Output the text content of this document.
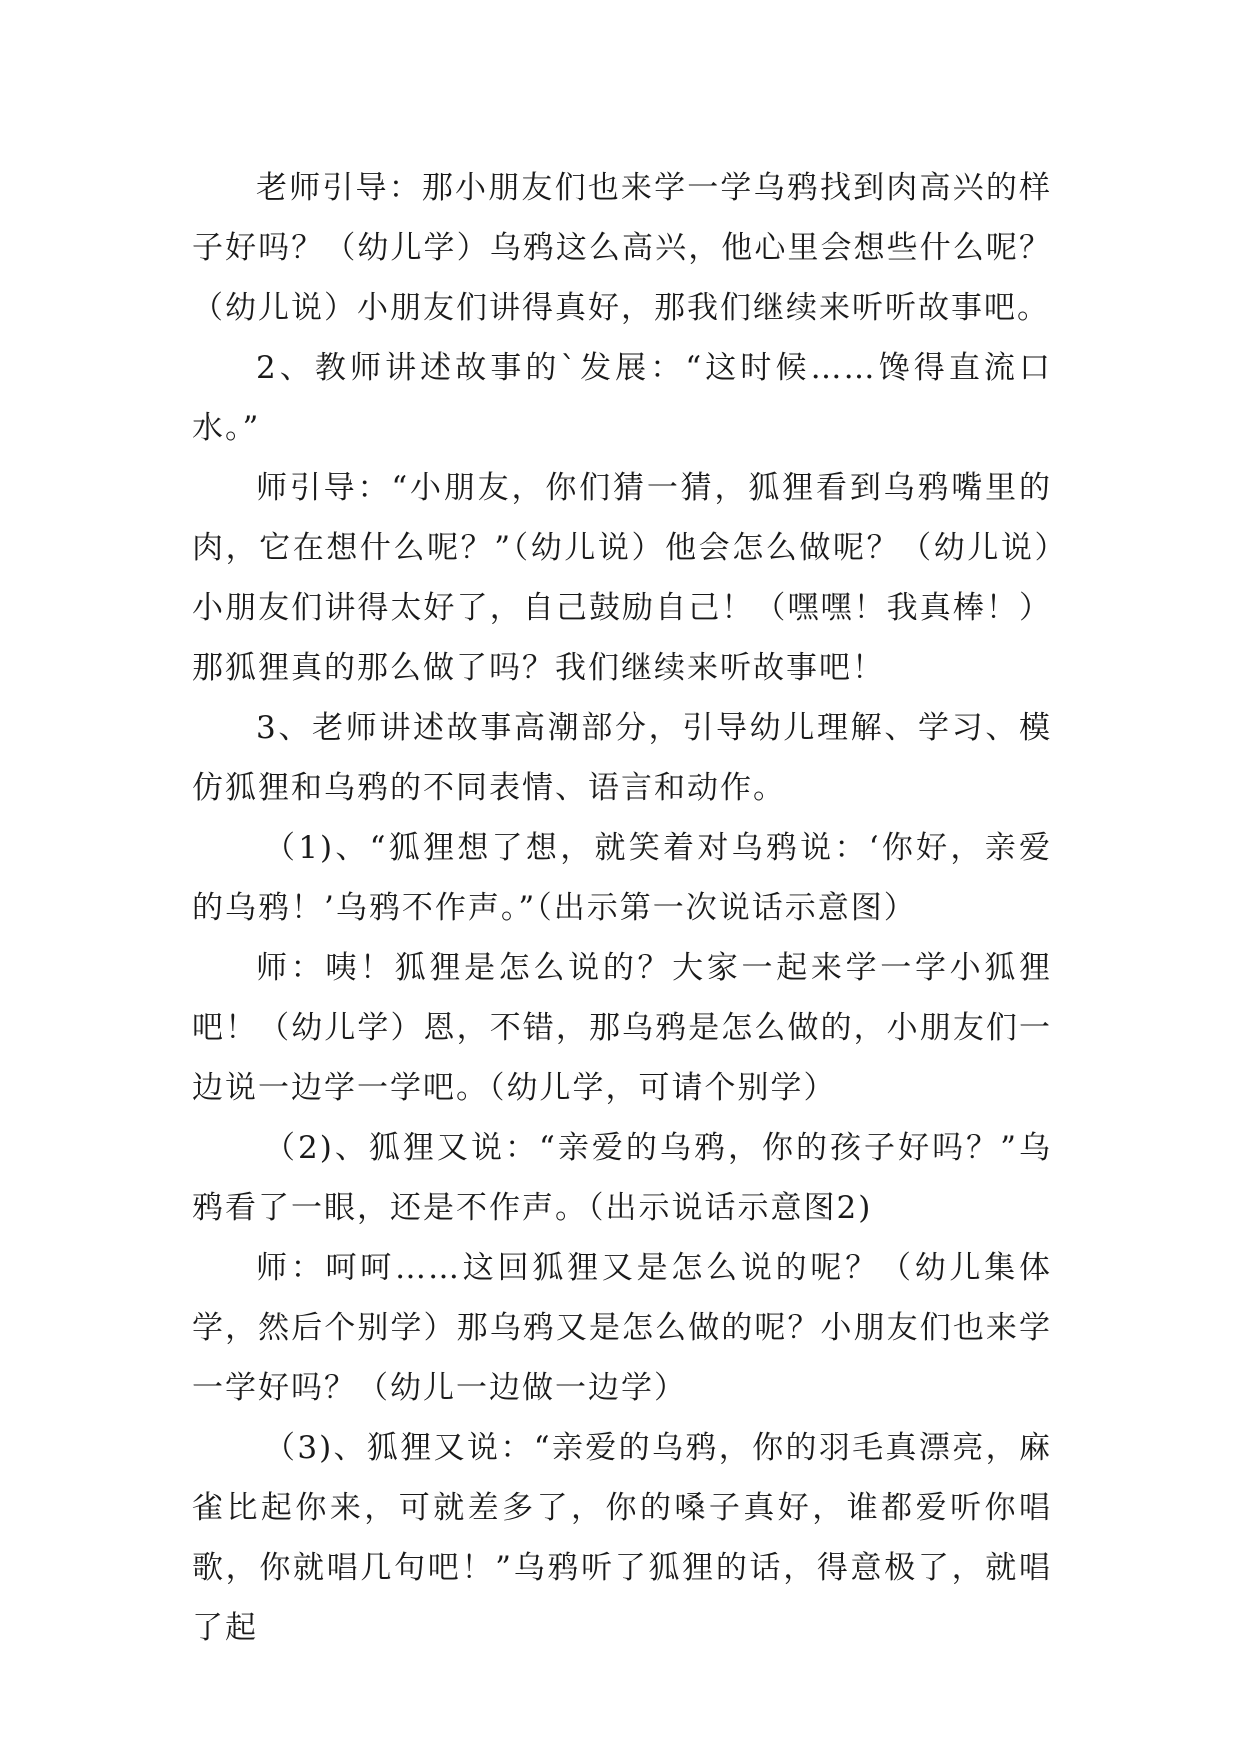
老师引导：那小朋友们也来学一学乌鸦找到肉高兴的样子好吗？（幼儿学）乌鸦这么高兴，他心里会想些什么呢？（幼儿说）小朋友们讲得真好，那我们继续来听听故事吧。

2、教师讲述故事的`发展：“这时候……馋得直流口水。”

师引导：“小朋友，你们猜一猜，狐狸看到乌鸦嘴里的肉，它在想什么呢？”（幼儿说）他会怎么做呢？（幼儿说）小朋友们讲得太好了，自己鼓励自己！（嘿嘿！我真棒！）那狐狸真的那么做了吗？我们继续来听故事吧！

3、老师讲述故事高潮部分，引导幼儿理解、学习、模仿狐狸和乌鸦的不同表情、语言和动作。

（1)、“狐狸想了想，就笑着对乌鸦说：‘你好，亲爱的乌鸦！’乌鸦不作声。”（出示第一次说话示意图）

师：咦！狐狸是怎么说的？大家一起来学一学小狐狸吧！（幼儿学）恩，不错，那乌鸦是怎么做的，小朋友们一边说一边学一学吧。（幼儿学，可请个别学）

（2)、狐狸又说：“亲爱的乌鸦，你的孩子好吗？”乌鸦看了一眼，还是不作声。（出示说话示意图2)

师：呵呵……这回狐狸又是怎么说的呢？（幼儿集体学，然后个别学）那乌鸦又是怎么做的呢？小朋友们也来学一学好吗？（幼儿一边做一边学）

（3)、狐狸又说：“亲爱的乌鸦，你的羽毛真漂亮，麻雀比起你来，可就差多了，你的嗓子真好，谁都爱听你唱歌，你就唱几句吧！”乌鸦听了狐狸的话，得意极了，就唱了起
